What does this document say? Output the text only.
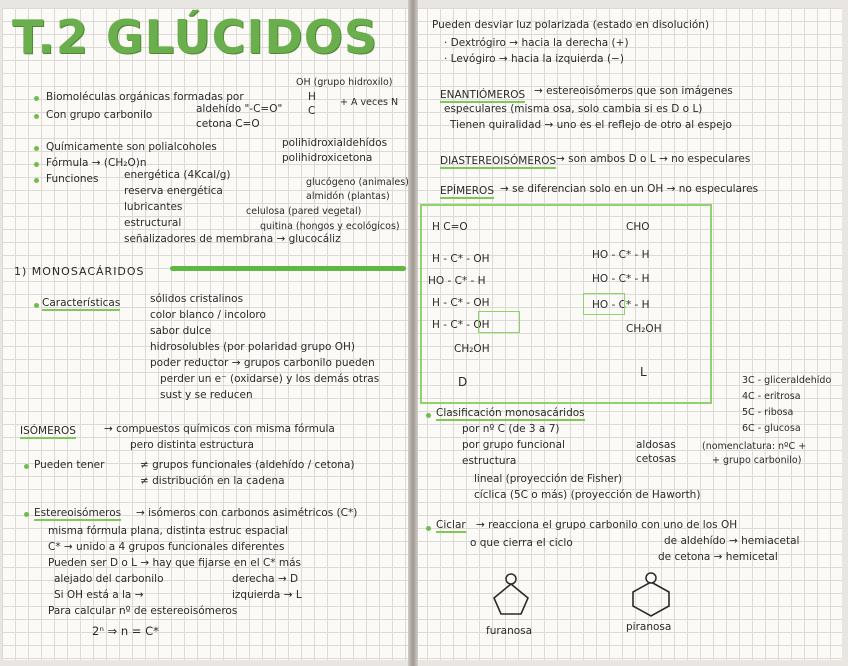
T.2 GLÚCIDOS
Biomoléculas orgánicas formadas por
OH (grupo hidroxilo)
H
C
+ A veces N
Con grupo carbonilo	aldehído "-C=O"
cetona C=O
Químicamente son polialcoholes	polihidroxialdehídos
polihidroxicetona
Fórmula → (CH₂O)n
Funciones energética (4Kcal/g)
reserva energética
glucógeno (animales)
almidón (plantas)
lubricantes	celulosa (pared vegetal)
estructural	quitina (hongos y ecológicos)
señalizadores de membrana → glucocáliz
1) MONOSACÁRIDOS
Características	sólidos cristalinos
color blanco / incoloro
sabor dulce
hidrosolubles (por polaridad grupo OH)
poder reductor → grupos carbonilo pueden
perder un e⁻ (oxidarse) y los demás otras
sust y se reducen
ISÓMEROS	→ compuestos químicos con misma fórmula
pero distinta estructura
Pueden tener	≠ grupos funcionales (aldehído / cetona)
≠ distribución en la cadena
Estereoisómeros → isómeros con carbonos asimétricos (C*)
misma fórmula plana, distinta estruc espacial
C* → unido a 4 grupos funcionales diferentes
Pueden ser D o L → hay que fijarse en el C* más
alejado del carbonilo	derecha → D
Si OH está a la →	izquierda → L
Para calcular nº de estereoisómeros
2ⁿ ⇒ n = C*
Pueden desviar luz polarizada (estado en disolución)
· Dextrógiro → hacia la derecha (+)
· Levógiro → hacia la izquierda (−)
ENANTIÓMEROS → estereoisómeros que son imágenes
especulares (misma osa, solo cambia si es D o L)
Tienen quiralidad → uno es el reflejo de otro al espejo
DIASTEREOISÓMEROS → son ambos D o L → no especulares
EPÍMEROS → se diferencian solo en un OH → no especulares
H C=O
H - C* - OH
HO - C* - H
H - C* - OH
H - C* - OH
CH₂OH
D
CHO
HO - C* - H
HO - C* - H
HO - C* - H
CH₂OH
L
3C - gliceraldehído
4C - eritrosa
5C - ribosa
6C - glucosa
Clasificación monosacáridos
por nº C (de 3 a 7)
por grupo funcional
estructura
aldosas
cetosas
(nomenclatura: nºC +
+ grupo carbonilo)
lineal (proyección de Fisher)
cíclica (5C o más) (proyección de Haworth)
Ciclar → reacciona el grupo carbonilo con uno de los OH
o que cierra el ciclo	de aldehído → hemiacetal
de cetona → hemicetal
furanosa	piranosa
